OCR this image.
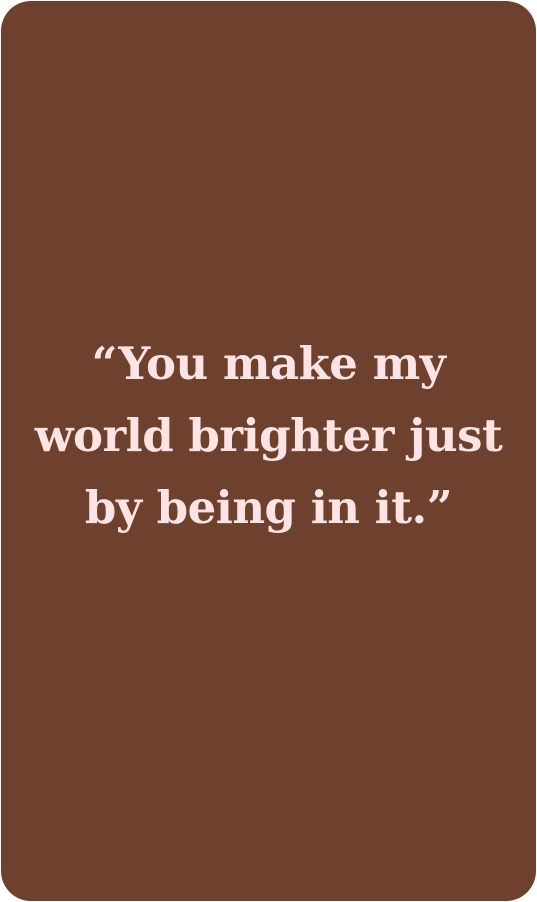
“You make my
world brighter just
by being in it.”
